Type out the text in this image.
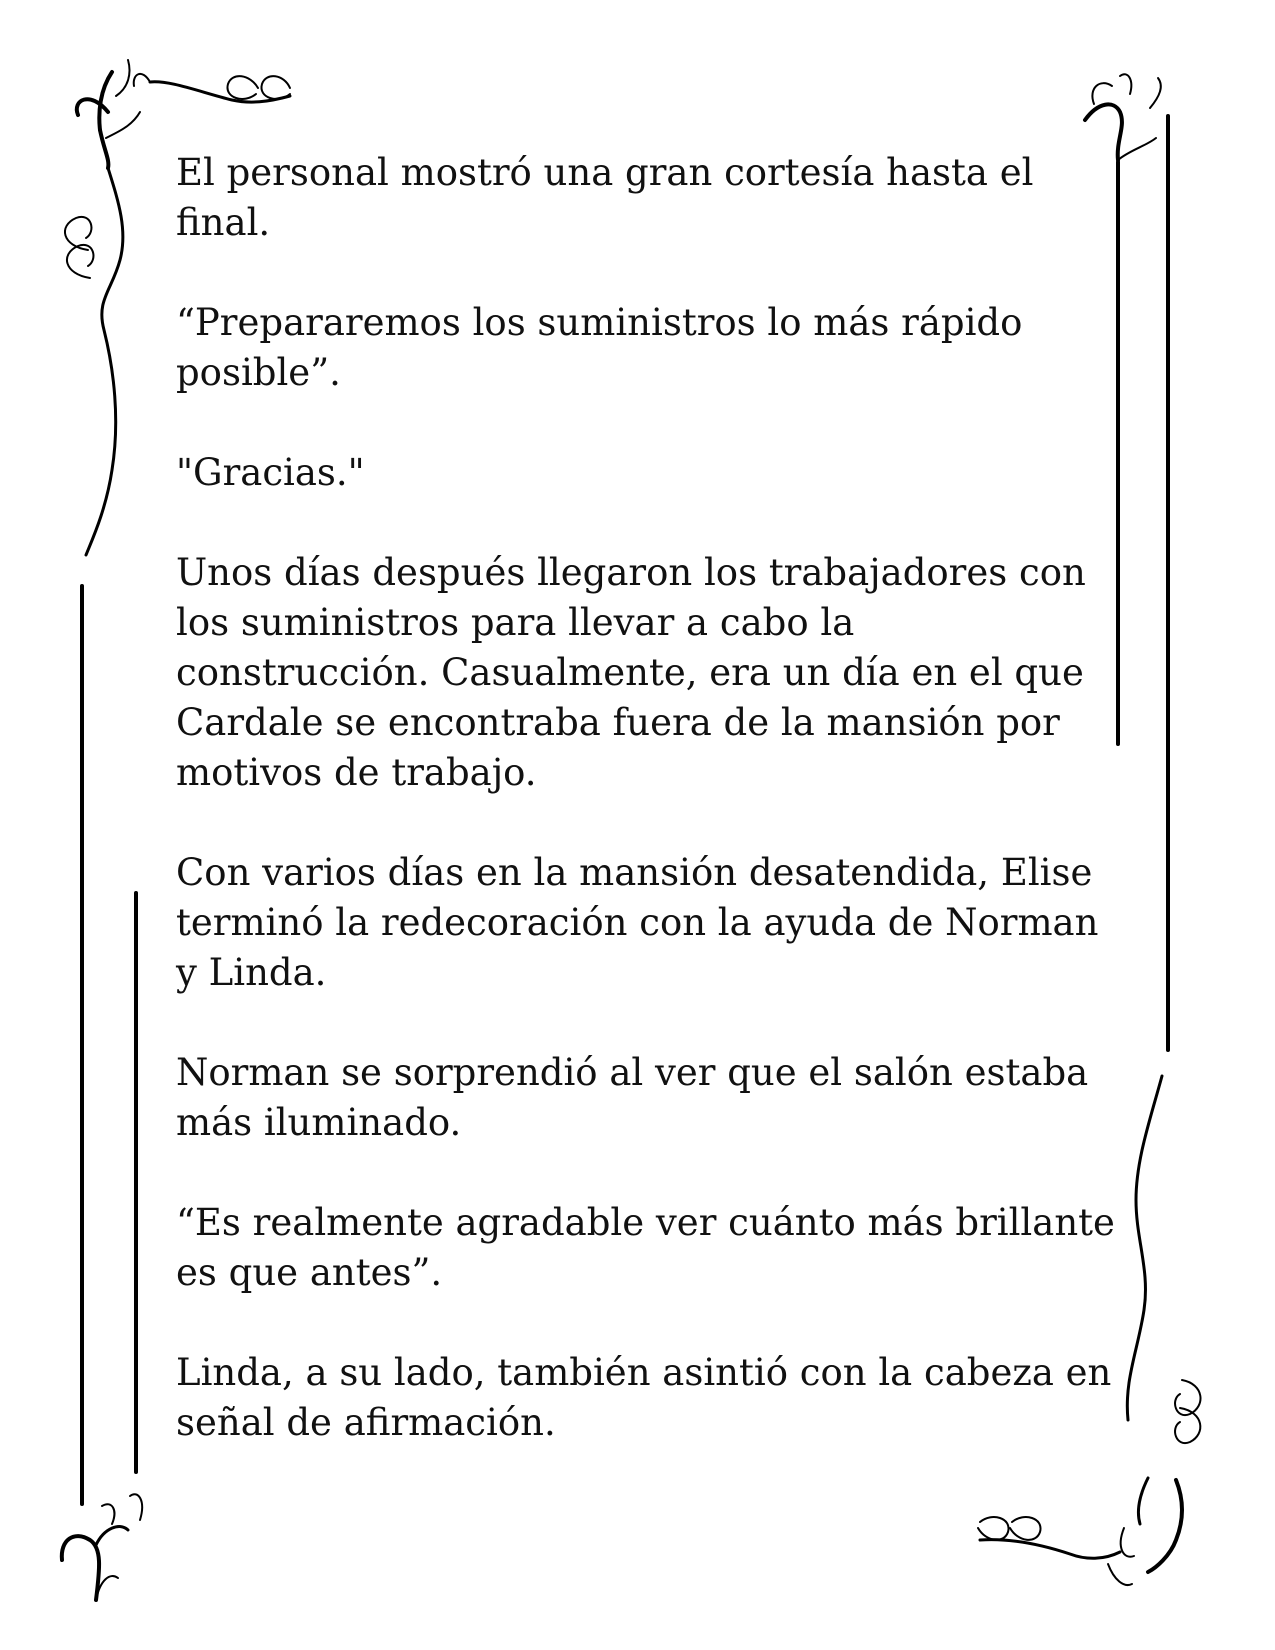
El personal mostró una gran cortesía hasta el final.

“Prepararemos los suministros lo más rápido posible”.

"Gracias."

Unos días después llegaron los trabajadores con los suministros para llevar a cabo la construcción. Casualmente, era un día en el que Cardale se encontraba fuera de la mansión por motivos de trabajo.

Con varios días en la mansión desatendida, Elise terminó la redecoración con la ayuda de Norman y Linda.

Norman se sorprendió al ver que el salón estaba más iluminado.

“Es realmente agradable ver cuánto más brillante es que antes”.

Linda, a su lado, también asintió con la cabeza en señal de afirmación.
